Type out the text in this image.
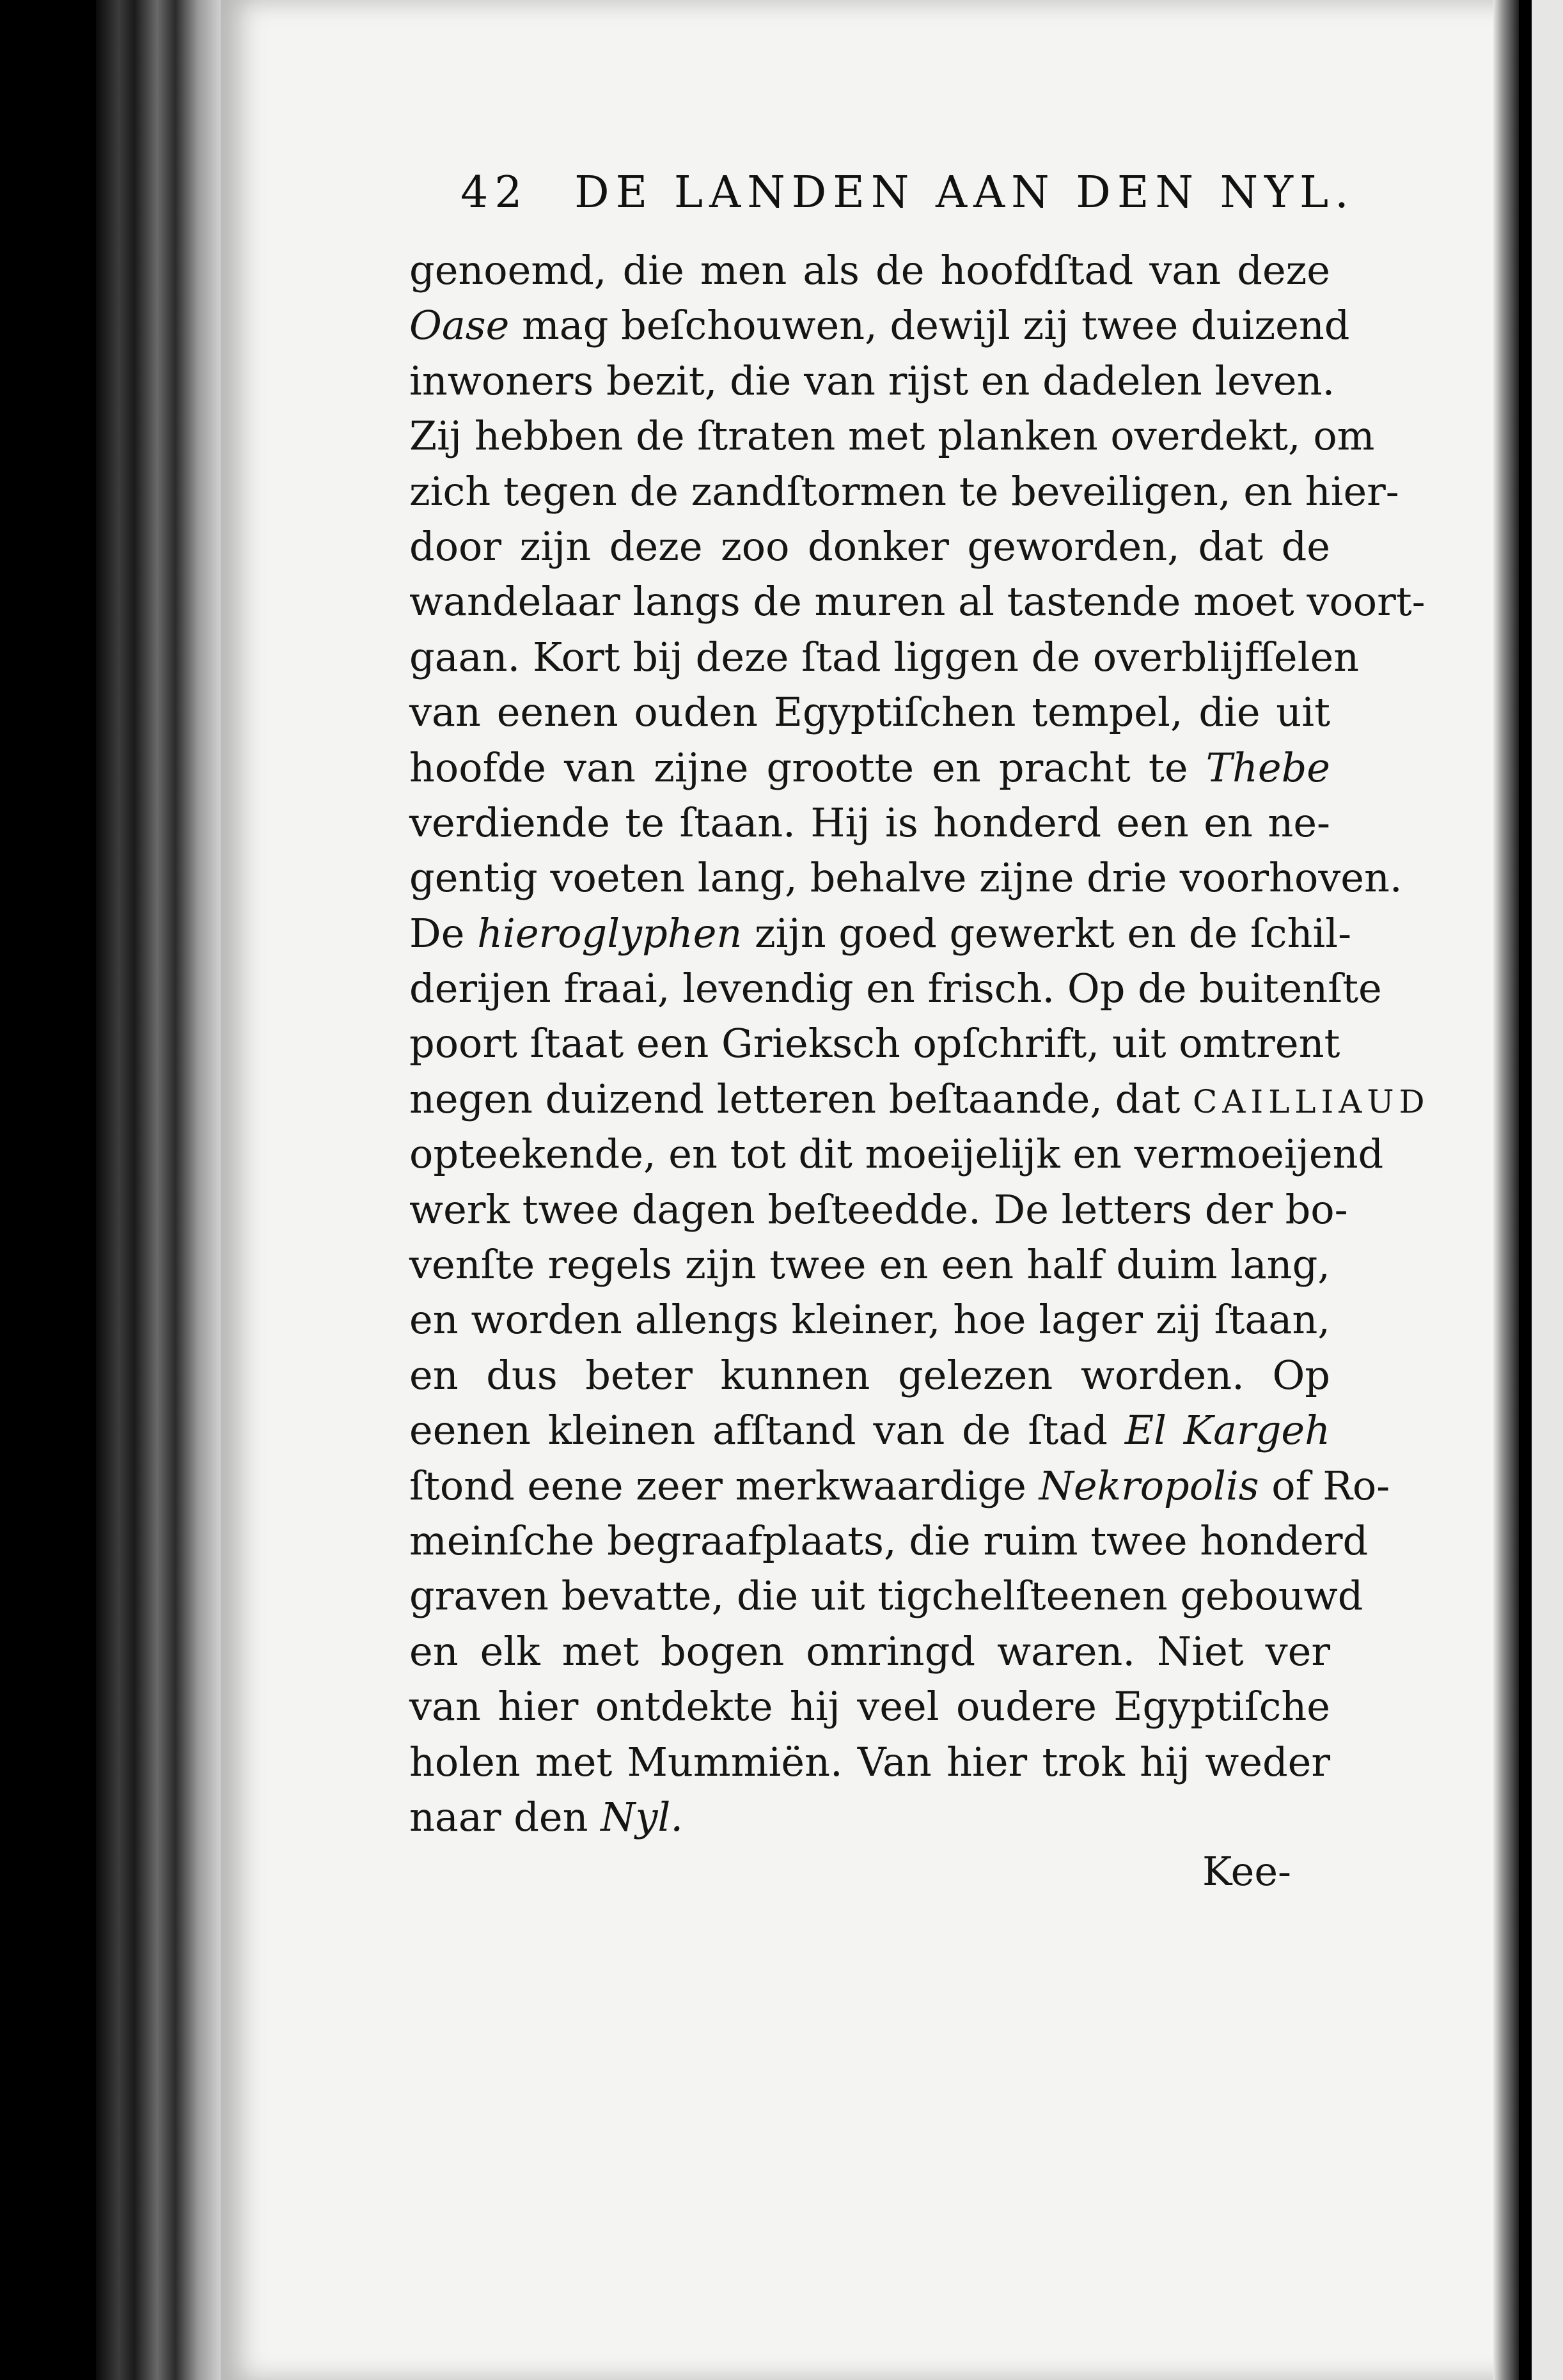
42 DE LANDEN AAN DEN NYL.
genoemd, die men als de hoofdſtad van deze
Oase mag beſchouwen, dewijl zij twee duizend
inwoners bezit, die van rijst en dadelen leven.
Zij hebben de ſtraten met planken overdekt, om
zich tegen de zandſtormen te beveiligen, en hier-
door zijn deze zoo donker geworden, dat de
wandelaar langs de muren al tastende moet voort-
gaan. Kort bij deze ſtad liggen de overblijfſelen
van eenen ouden Egyptiſchen tempel, die uit
hoofde van zijne grootte en pracht te Thebe
verdiende te ſtaan. Hij is honderd een en ne-
gentig voeten lang, behalve zijne drie voorhoven.
De hieroglyphen zijn goed gewerkt en de ſchil-
derijen fraai, levendig en frisch. Op de buitenſte
poort ſtaat een Grieksch opſchrift, uit omtrent
negen duizend letteren beſtaande, dat CAILLIAUD
opteekende, en tot dit moeijelijk en vermoeijend
werk twee dagen beſteedde. De letters der bo-
venſte regels zijn twee en een half duim lang,
en worden allengs kleiner, hoe lager zij ſtaan,
en dus beter kunnen gelezen worden. Op
eenen kleinen afſtand van de ſtad El Kargeh
ſtond eene zeer merkwaardige Nekropolis of Ro-
meinſche begraafplaats, die ruim twee honderd
graven bevatte, die uit tigchelſteenen gebouwd
en elk met bogen omringd waren. Niet ver
van hier ontdekte hij veel oudere Egyptiſche
holen met Mummiën. Van hier trok hij weder
naar den Nyl.
Kee-
